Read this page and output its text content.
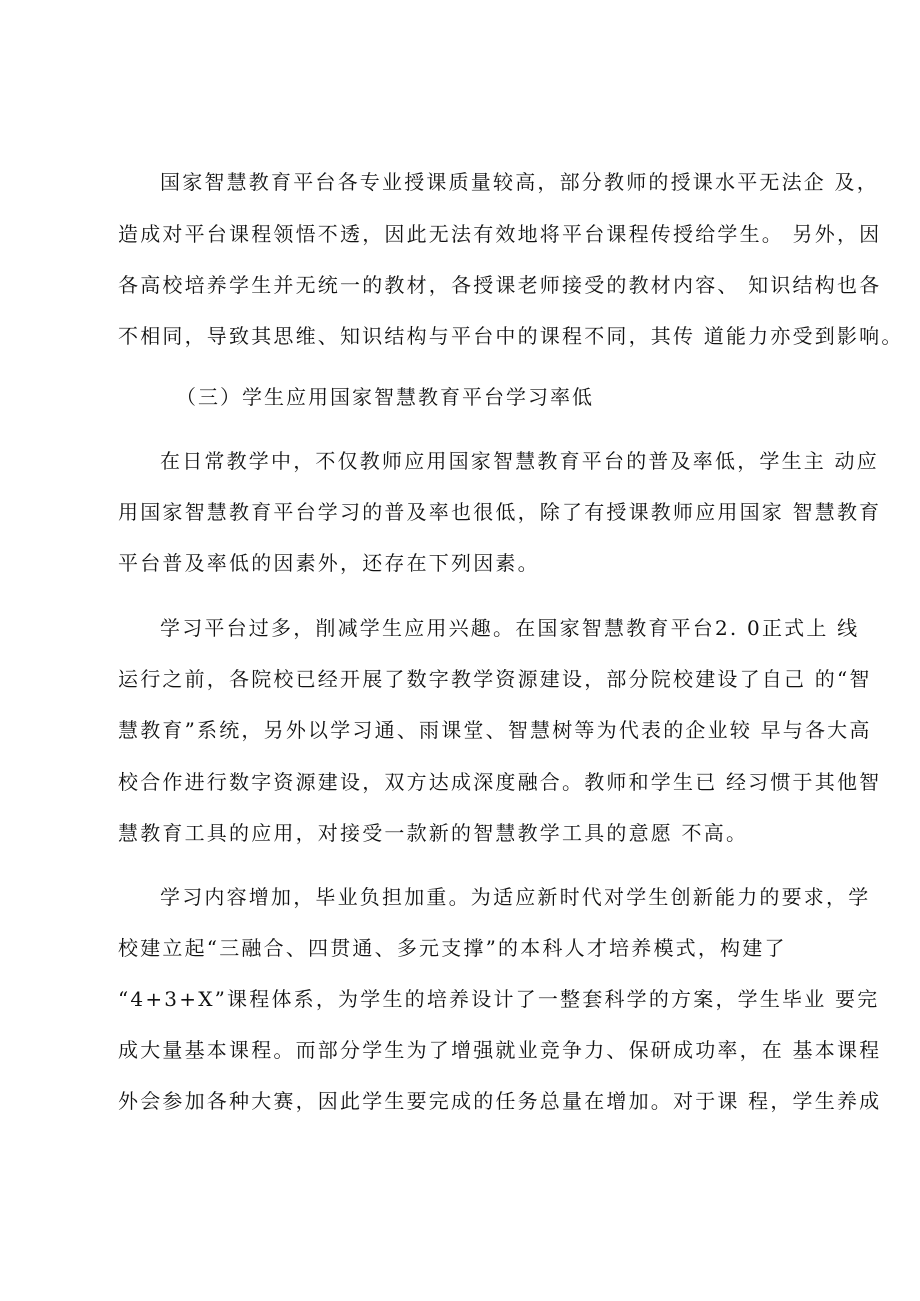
国家智慧教育平台各专业授课质量较高，部分教师的授课水平无法企 及，
造成对平台课程领悟不透，因此无法有效地将平台课程传授给学生。 另外，因
各高校培养学生并无统一的教材，各授课老师接受的教材内容、 知识结构也各
不相同，导致其思维、知识结构与平台中的课程不同，其传 道能力亦受到影响。
（三）学生应用国家智慧教育平台学习率低
在日常教学中，不仅教师应用国家智慧教育平台的普及率低，学生主 动应
用国家智慧教育平台学习的普及率也很低，除了有授课教师应用国家 智慧教育
平台普及率低的因素外，还存在下列因素。
学习平台过多，削减学生应用兴趣。在国家智慧教育平台2. 0正式上 线
运行之前，各院校已经开展了数字教学资源建设，部分院校建设了自己 的“智
慧教育”系统，另外以学习通、雨课堂、智慧树等为代表的企业较 早与各大高
校合作进行数字资源建设，双方达成深度融合。教师和学生已 经习惯于其他智
慧教育工具的应用，对接受一款新的智慧教学工具的意愿 不高。
学习内容增加，毕业负担加重。为适应新时代对学生创新能力的要求，学
校建立起“三融合、四贯通、多元支撑”的本科人才培养模式，构建了
“4+3+X”课程体系，为学生的培养设计了一整套科学的方案，学生毕业 要完
成大量基本课程。而部分学生为了增强就业竞争力、保研成功率，在 基本课程
外会参加各种大赛，因此学生要完成的任务总量在增加。对于课 程，学生养成
